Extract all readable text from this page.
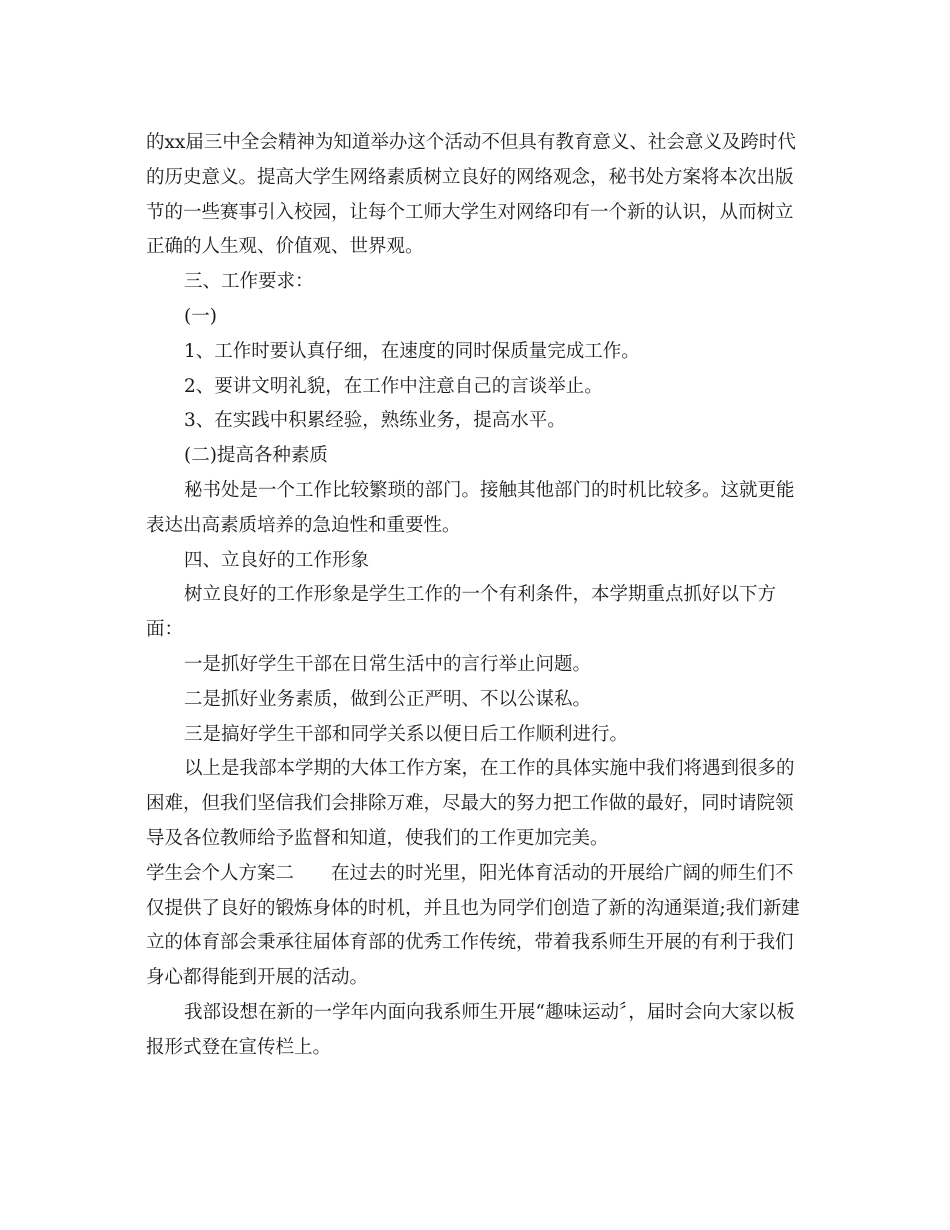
的xx届三中全会精神为知道举办这个活动不但具有教育意义、社会意义及跨时代
的历史意义。提高大学生网络素质树立良好的网络观念，秘书处方案将本次出版
节的一些赛事引入校园，让每个工师大学生对网络印有一个新的认识，从而树立
正确的人生观、价值观、世界观。
三、工作要求：
(一)
1、工作时要认真仔细，在速度的同时保质量完成工作。
2、要讲文明礼貌，在工作中注意自己的言谈举止。
3、在实践中积累经验，熟练业务，提高水平。
(二)提高各种素质
秘书处是一个工作比较繁琐的部门。接触其他部门的时机比较多。这就更能
表达出高素质培养的急迫性和重要性。
四、立良好的工作形象
树立良好的工作形象是学生工作的一个有利条件，本学期重点抓好以下方
面：
一是抓好学生干部在日常生活中的言行举止问题。
二是抓好业务素质，做到公正严明、不以公谋私。
三是搞好学生干部和同学关系以便日后工作顺利进行。
以上是我部本学期的大体工作方案，在工作的具体实施中我们将遇到很多的
困难，但我们坚信我们会排除万难，尽最大的努力把工作做的最好，同时请院领
导及各位教师给予监督和知道，使我们的工作更加完美。
学生会个人方案二　　在过去的时光里，阳光体育活动的开展给广阔的师生们不
仅提供了良好的锻炼身体的时机，并且也为同学们创造了新的沟通渠道;我们新建
立的体育部会秉承往届体育部的优秀工作传统，带着我系师生开展的有利于我们
身心都得能到开展的活动。
我部设想在新的一学年内面向我系师生开展“趣味运动〞，届时会向大家以板
报形式登在宣传栏上。
